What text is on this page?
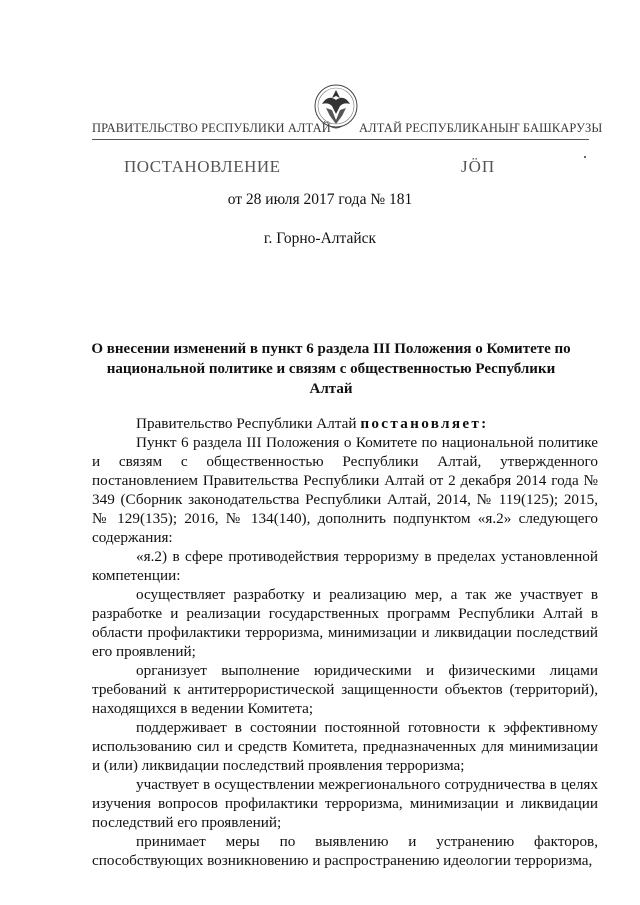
ПРАВИТЕЛЬСТВО РЕСПУБЛИКИ АЛТАЙ АЛТАЙ РЕСПУБЛИКАНЫҤ БАШКАРУЗЫ
ПОСТАНОВЛЕНИЕ	JӦП
от 28 июля 2017 года № 181
г. Горно-Алтайск
О внесении изменений в пункт 6 раздела III Положения о Комитете по национальной политике и связям с общественностью Республики Алтай

Правительство Республики Алтай постановляет:

Пункт 6 раздела III Положения о Комитете по национальной политике и связям с общественностью Республики Алтай, утвержденного постановлением Правительства Республики Алтай от 2 декабря 2014 года № 349 (Сборник законодательства Республики Алтай, 2014, № 119(125); 2015, № 129(135); 2016, № 134(140), дополнить подпунктом «я.2» следующего содержания:

«я.2) в сфере противодействия терроризму в пределах установленной компетенции:

осуществляет разработку и реализацию мер, а так же участвует в разработке и реализации государственных программ Республики Алтай в области профилактики терроризма, минимизации и ликвидации последствий его проявлений;

организует выполнение юридическими и физическими лицами требований к антитеррористической защищенности объектов (территорий), находящихся в ведении Комитета;

поддерживает в состоянии постоянной готовности к эффективному использованию сил и средств Комитета, предназначенных для минимизации и (или) ликвидации последствий проявления терроризма;

участвует в осуществлении межрегионального сотрудничества в целях изучения вопросов профилактики терроризма, минимизации и ликвидации последствий его проявлений;

принимает меры по выявлению и устранению факторов, способствующих возникновению и распространению идеологии терроризма,
